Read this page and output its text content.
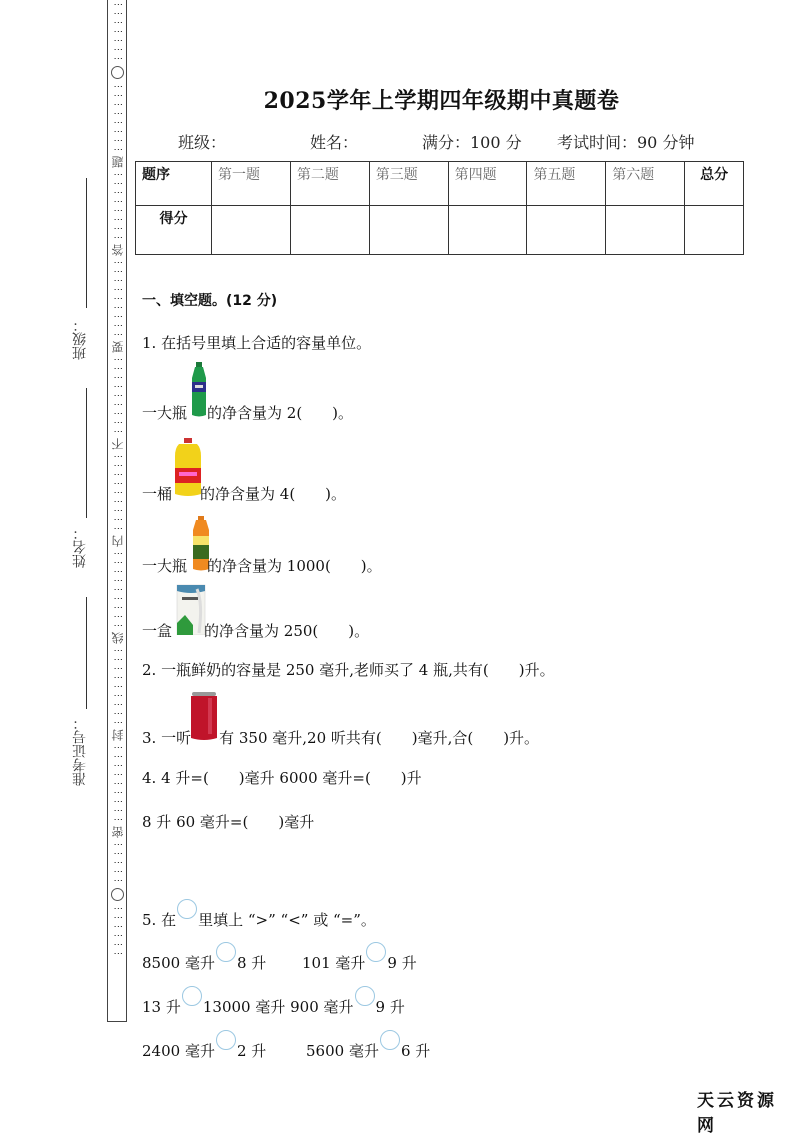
⋮⋮⋮⋮⋮⋮⋮
⋮⋮⋮⋮⋮⋮⋮⋮
题
⋮⋮⋮⋮⋮⋮⋮⋮
答
⋮⋮⋮⋮⋮⋮⋮⋮⋮
要
⋮⋮⋮⋮⋮⋮⋮⋮⋮
不
⋮⋮⋮⋮⋮⋮⋮⋮⋮
内
⋮⋮⋮⋮⋮⋮⋮⋮⋮
线
⋮⋮⋮⋮⋮⋮⋮⋮⋮
封
⋮⋮⋮⋮⋮⋮⋮⋮⋮
密
⋮⋮⋮⋮⋮
⋮⋮⋮⋮⋮⋮
班级：
姓名：
准考证号：
2025学年上学期四年级期中真题卷
班级：	姓名：	满分：100 分 考试时间：90 分钟
题序	第一题	第二题	第三题	第四题	第五题	第六题	总分
得分							
一、填空题。(12 分)
1. 在括号里填上合适的容量单位。
一大瓶 的净含量为 2(　　)。
一桶 的净含量为 4(　　)。
一大瓶 的净含量为 1000(　　)。
一盒 的净含量为 250(　　)。
2. 一瓶鲜奶的容量是 250 毫升,老师买了 4 瓶,共有(　　)升。
3. 一听 有 350 毫升,20 听共有(　　)毫升,合(　　)升。
4. 4 升=(　　)毫升 6000 毫升=(　　)升
8 升 60 毫升=(　　)毫升
5. 在 里填上 “>” “<” 或 “=”。
8500 毫升 8 升 101 毫升 9 升
13 升 13000 毫升 900 毫升 9 升
2400 毫升 2 升	5600 毫升 6 升
天云资源网
